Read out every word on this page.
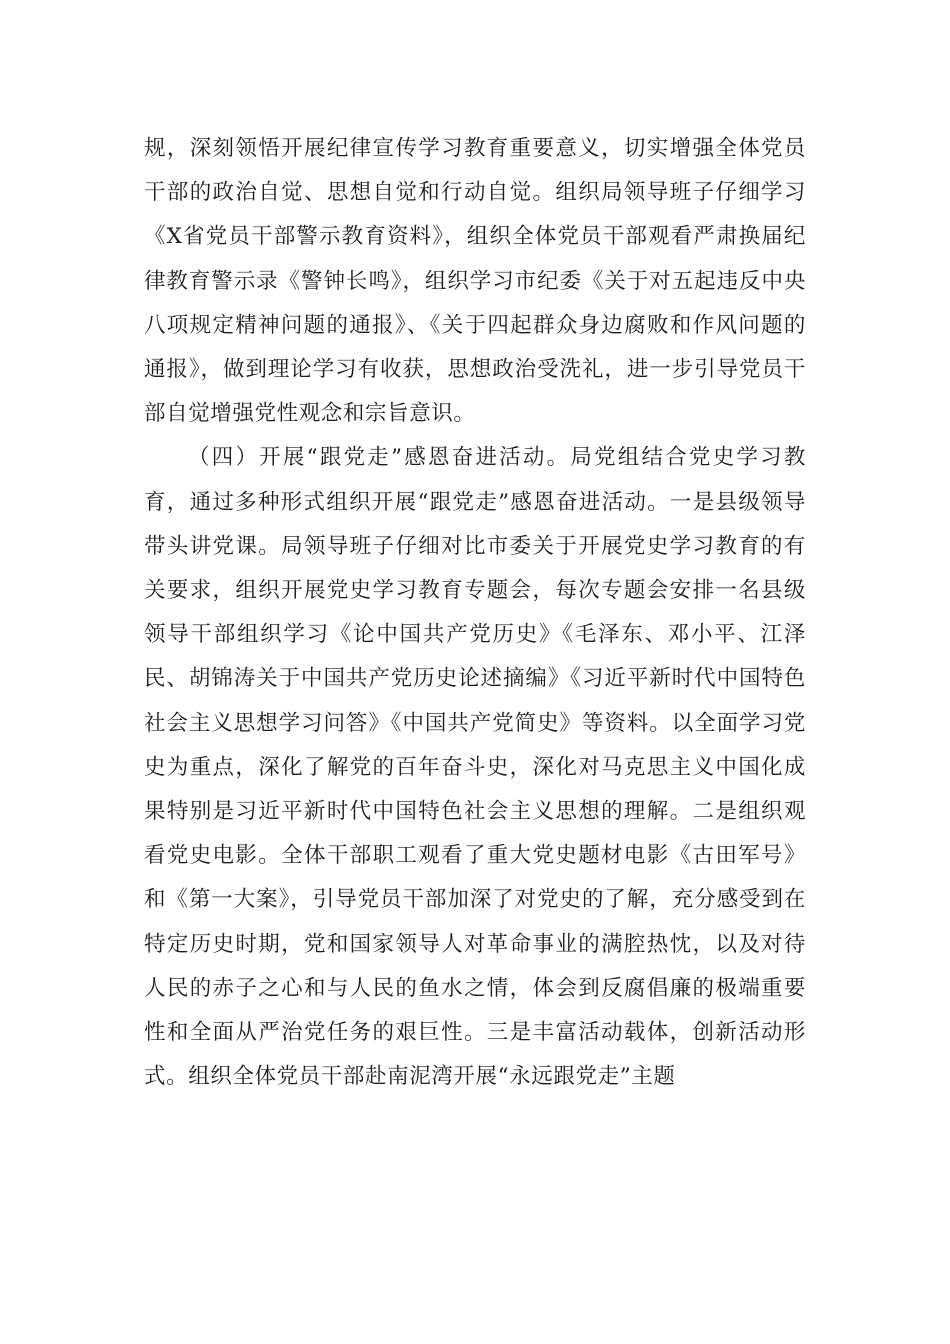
规，深刻领悟开展纪律宣传学习教育重要意义，切实增强全体党员干部的政治自觉、思想自觉和行动自觉。组织局领导班子仔细学习《X省党员干部警示教育资料》，组织全体党员干部观看严肃换届纪律教育警示录《警钟长鸣》，组织学习市纪委《关于对五起违反中央八项规定精神问题的通报》、《关于四起群众身边腐败和作风问题的通报》，做到理论学习有收获，思想政治受洗礼，进一步引导党员干部自觉增强党性观念和宗旨意识。

（四）开展“跟党走”感恩奋进活动。局党组结合党史学习教育，通过多种形式组织开展“跟党走”感恩奋进活动。一是县级领导带头讲党课。局领导班子仔细对比市委关于开展党史学习教育的有关要求，组织开展党史学习教育专题会，每次专题会安排一名县级领导干部组织学习《论中国共产党历史》《毛泽东、邓小平、江泽民、胡锦涛关于中国共产党历史论述摘编》《习近平新时代中国特色社会主义思想学习问答》《中国共产党简史》等资料。以全面学习党史为重点，深化了解党的百年奋斗史，深化对马克思主义中国化成果特别是习近平新时代中国特色社会主义思想的理解。二是组织观看党史电影。全体干部职工观看了重大党史题材电影《古田军号》和《第一大案》，引导党员干部加深了对党史的了解，充分感受到在特定历史时期，党和国家领导人对革命事业的满腔热忱，以及对待人民的赤子之心和与人民的鱼水之情，体会到反腐倡廉的极端重要性和全面从严治党任务的艰巨性。三是丰富活动载体，创新活动形式。组织全体党员干部赴南泥湾开展“永远跟党走”主题
